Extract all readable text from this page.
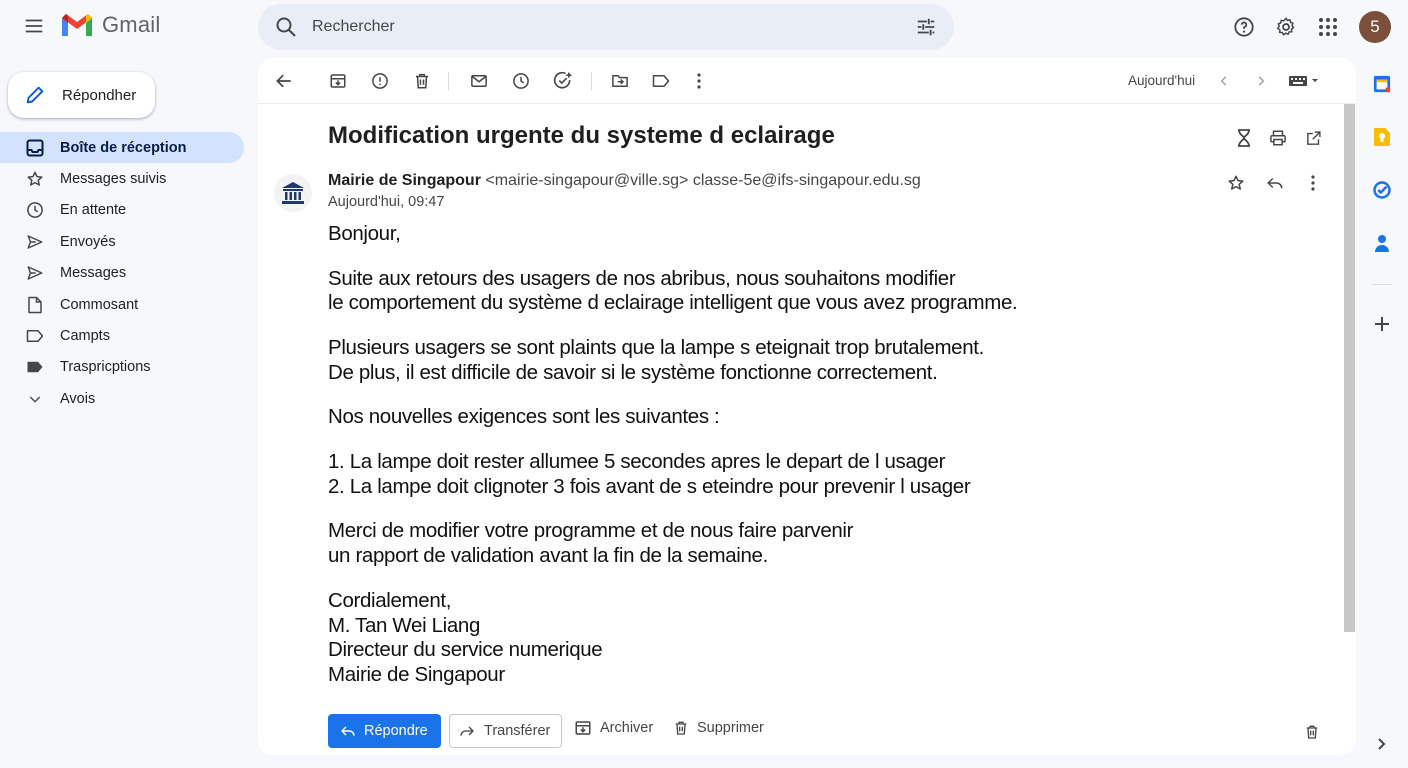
Gmail	Rechercher	5
Répondher
Boîte de réception
Messages suivis
En attente
Envoyés
Messages
Commosant
Campts
Traspricptions
Avois
Aujourd'hui
Modification urgente du systeme d eclairage
Mairie de Singapour <mairie-singapour@ville.sg> classe-5e@ifs-singapour.edu.sg
Aujourd'hui, 09:47

Bonjour,

Suite aux retours des usagers de nos abribus, nous souhaitons modifier
le comportement du système d eclairage intelligent que vous avez programme.

Plusieurs usagers se sont plaints que la lampe s eteignait trop brutalement.
De plus, il est difficile de savoir si le système fonctionne correctement.

Nos nouvelles exigences sont les suivantes :

1. La lampe doit rester allumee 5 secondes apres le depart de l usager
2. La lampe doit clignoter 3 fois avant de s eteindre pour prevenir l usager

Merci de modifier votre programme et de nous faire parvenir
un rapport de validation avant la fin de la semaine.

Cordialement,
M. Tan Wei Liang
Directeur du service numerique
Mairie de Singapour

Répondre	Transférer	Archiver	Supprimer
